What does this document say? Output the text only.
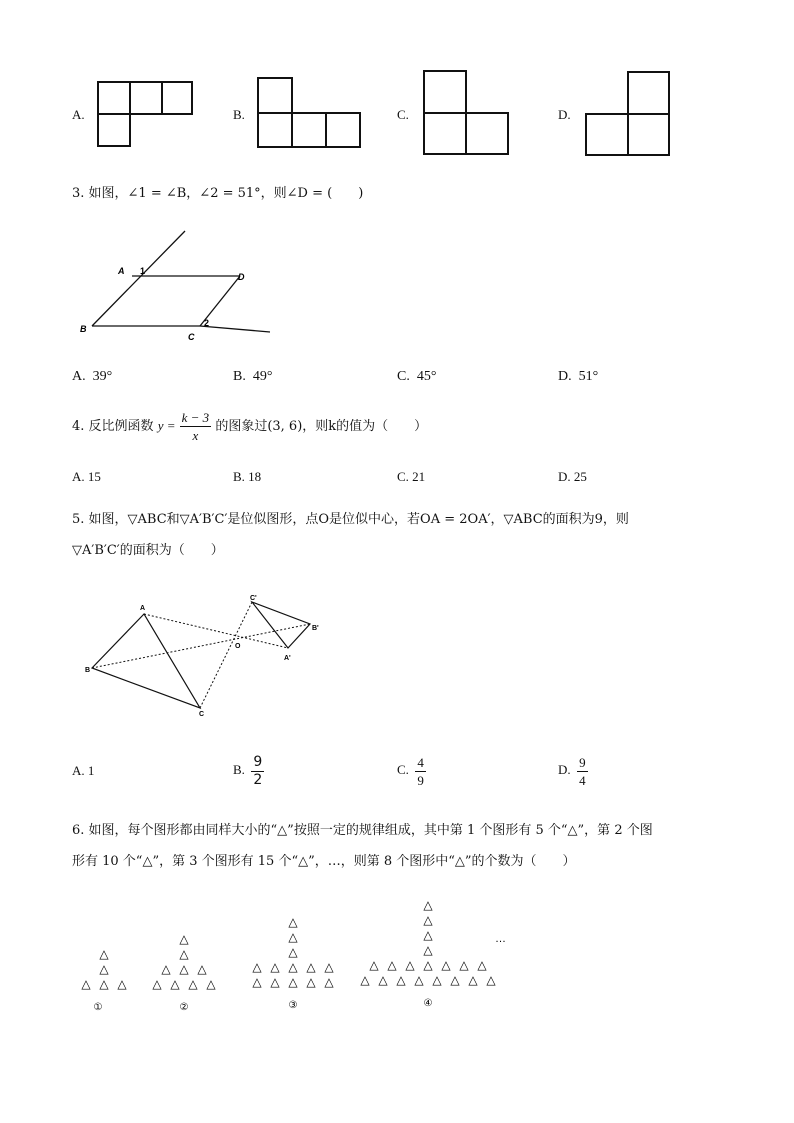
A.	B.	C.	D.
3. 如图，∠1 = ∠B，∠2 = 51°，则∠D = (　　)
A 1
D
B
C
2
A. 39°	B. 49°	C. 45°	D. 51°
4. 反比例函数 $y = \frac{k - 3}{x}$ 的图象过(3, 6)，则k的值为（　　）
A. 15	B. 18	C. 21	D. 25
5. 如图，▽ABC和▽A′B′C′是位似图形，点O是位似中心，若OA = 2OA′，▽ABC的面积为9，则
▽A′B′C′的面积为（　　）
A
B
C
O
A'
B'
C'
A. 1	B. $\frac{9}{2}$	C. $\frac{4}{9}$	D. $\frac{9}{4}$
6. 如图，每个图形都由同样大小的“△”按照一定的规律组成，其中第 1 个图形有 5 个“△”，第 2 个图
形有 10 个“△”，第 3 个图形有 15 个“△”，…，则第 8 个图形中“△”的个数为（　　）
①	②	③	④
…
△ △ △
△
△
△ △ △ △
△ △ △
△
△
△ △ △ △ △
△ △ △ △ △
△
△
△
△ △ △ △ △ △ △ △
△ △ △ △ △ △ △
△
△
△
△
